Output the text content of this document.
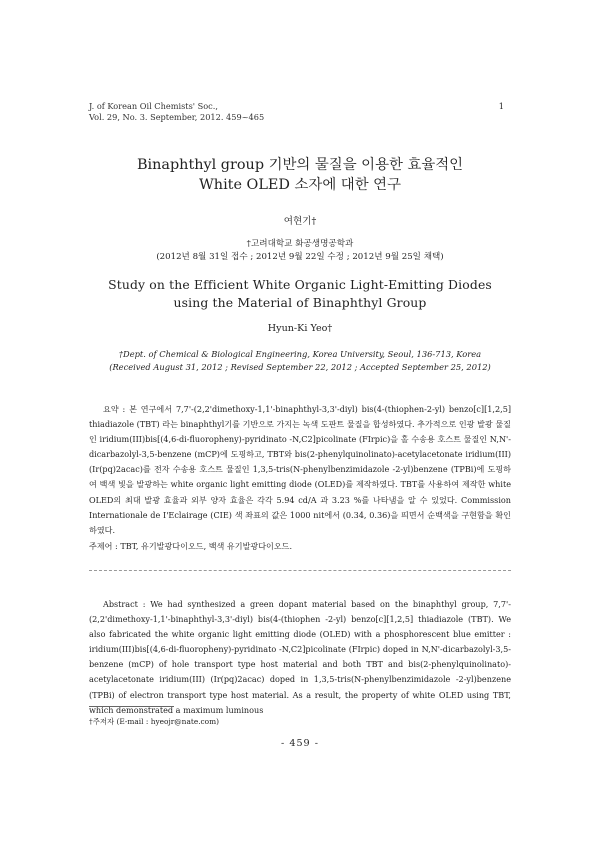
J. of Korean Oil Chemists' Soc.,
Vol. 29, No. 3. September, 2012. 459~465
1
Binaphthyl group 기반의 물질을 이용한 효율적인
White OLED 소자에 대한 연구
여현기†
†고려대학교 화공생명공학과
(2012년 8월 31일 접수 ; 2012년 9월 22일 수정 ; 2012년 9월 25일 채택)
Study on the Efficient White Organic Light-Emitting Diodes
using the Material of Binaphthyl Group
Hyun-Ki Yeo†
†Dept. of Chemical & Biological Engineering, Korea University, Seoul, 136-713, Korea
(Received August 31, 2012 ; Revised September 22, 2012 ; Accepted September 25, 2012)
요약 : 본 연구에서 7,7'-(2,2'dimethoxy-1,1'-binaphthyl-3,3'-diyl) bis(4-(thiophen-2-yl) benzo[c][1,2,5] thiadiazole (TBT) 라는 binaphthyl기를 기반으로 가지는 녹색 도판트 물질을 합성하였다. 추가적으로 인광 발광 물질인 iridium(III)bis[(4,6-di-fluoropheny)-pyridinato -N,C2]picolinate (FIrpic)을 홀 수송용 호스트 물질인 N,N'-dicarbazolyl-3,5-benzene (mCP)에 도핑하고, TBT와 bis(2-phenylquinolinato)-acetylacetonate iridium(III) (Ir(pq)2acac)를 전자 수송용 호스트 물질인 1,3,5-tris(N-phenylbenzimidazole -2-yl)benzene (TPBi)에 도핑하여 백색 빛을 발광하는 white organic light emitting diode (OLED)를 제작하였다. TBT를 사용하여 제작한 white OLED의 최대 발광 효율과 외부 양자 효율은 각각 5.94 cd/A 과 3.23 %를 나타냄을 알 수 있었다. Commission Internationale de I'Eclairage (CIE) 색 좌표의 값은 1000 nit에서 (0.34, 0.36)을 띄면서 순백색을 구현함을 확인하였다.
주제어 : TBT, 유기발광다이오드, 백색 유기발광다이오드.
Abstract : We had synthesized a green dopant material based on the binaphthyl group, 7,7'-(2,2'dimethoxy-1,1'-binaphthyl-3,3'-diyl) bis(4-(thiophen -2-yl) benzo[c][1,2,5] thiadiazole (TBT). We also fabricated the white organic light emitting diode (OLED) with a phosphorescent blue emitter : iridium(III)bis[(4,6-di-fluoropheny)-pyridinato -N,C2]picolinate (FIrpic) doped in N,N'-dicarbazolyl-3,5-benzene (mCP) of hole transport type host material and both TBT and bis(2-phenylquinolinato)- acetylacetonate iridium(III) (Ir(pq)2acac) doped in 1,3,5-tris(N-phenylbenzimidazole -2-yl)benzene (TPBi) of electron transport type host material. As a result, the property of white OLED using TBT, which demonstrated a maximum luminous
†주저자 (E-mail : hyeojr@nate.com)
- 459 -
